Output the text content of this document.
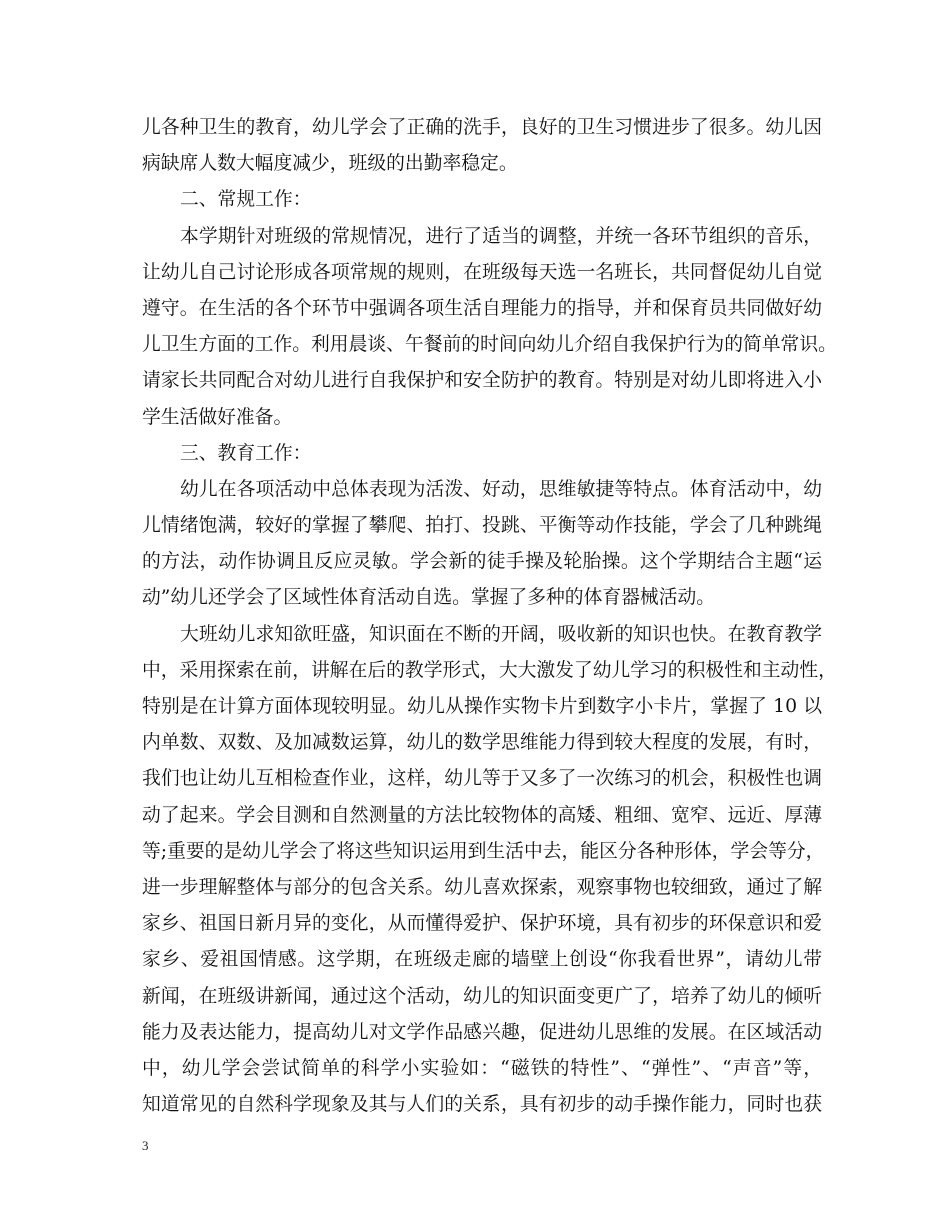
儿各种卫生的教育，幼儿学会了正确的洗手，良好的卫生习惯进步了很多。幼儿因
病缺席人数大幅度减少，班级的出勤率稳定。
二、常规工作：
本学期针对班级的常规情况，进行了适当的调整，并统一各环节组织的音乐，
让幼儿自己讨论形成各项常规的规则，在班级每天选一名班长，共同督促幼儿自觉
遵守。在生活的各个环节中强调各项生活自理能力的指导，并和保育员共同做好幼
儿卫生方面的工作。利用晨谈、午餐前的时间向幼儿介绍自我保护行为的简单常识。
请家长共同配合对幼儿进行自我保护和安全防护的教育。特别是对幼儿即将进入小
学生活做好准备。
三、教育工作：
幼儿在各项活动中总体表现为活泼、好动，思维敏捷等特点。体育活动中，幼
儿情绪饱满，较好的掌握了攀爬、拍打、投跳、平衡等动作技能，学会了几种跳绳
的方法，动作协调且反应灵敏。学会新的徒手操及轮胎操。这个学期结合主题“运
动”幼儿还学会了区域性体育活动自选。掌握了多种的体育器械活动。
大班幼儿求知欲旺盛，知识面在不断的开阔，吸收新的知识也快。在教育教学
中，采用探索在前，讲解在后的教学形式，大大激发了幼儿学习的积极性和主动性，
特别是在计算方面体现较明显。幼儿从操作实物卡片到数字小卡片，掌握了 10 以
内单数、双数、及加减数运算，幼儿的数学思维能力得到较大程度的发展，有时，
我们也让幼儿互相检查作业，这样，幼儿等于又多了一次练习的机会，积极性也调
动了起来。学会目测和自然测量的方法比较物体的高矮、粗细、宽窄、远近、厚薄
等;重要的是幼儿学会了将这些知识运用到生活中去，能区分各种形体，学会等分，
进一步理解整体与部分的包含关系。幼儿喜欢探索，观察事物也较细致，通过了解
家乡、祖国日新月异的变化，从而懂得爱护、保护环境，具有初步的环保意识和爱
家乡、爱祖国情感。这学期，在班级走廊的墙壁上创设“你我看世界”，请幼儿带
新闻，在班级讲新闻，通过这个活动，幼儿的知识面变更广了，培养了幼儿的倾听
能力及表达能力，提高幼儿对文学作品感兴趣，促进幼儿思维的发展。在区域活动
中，幼儿学会尝试简单的科学小实验如：“磁铁的特性”、“弹性”、“声音”等，
知道常见的自然科学现象及其与人们的关系，具有初步的动手操作能力，同时也获
3
